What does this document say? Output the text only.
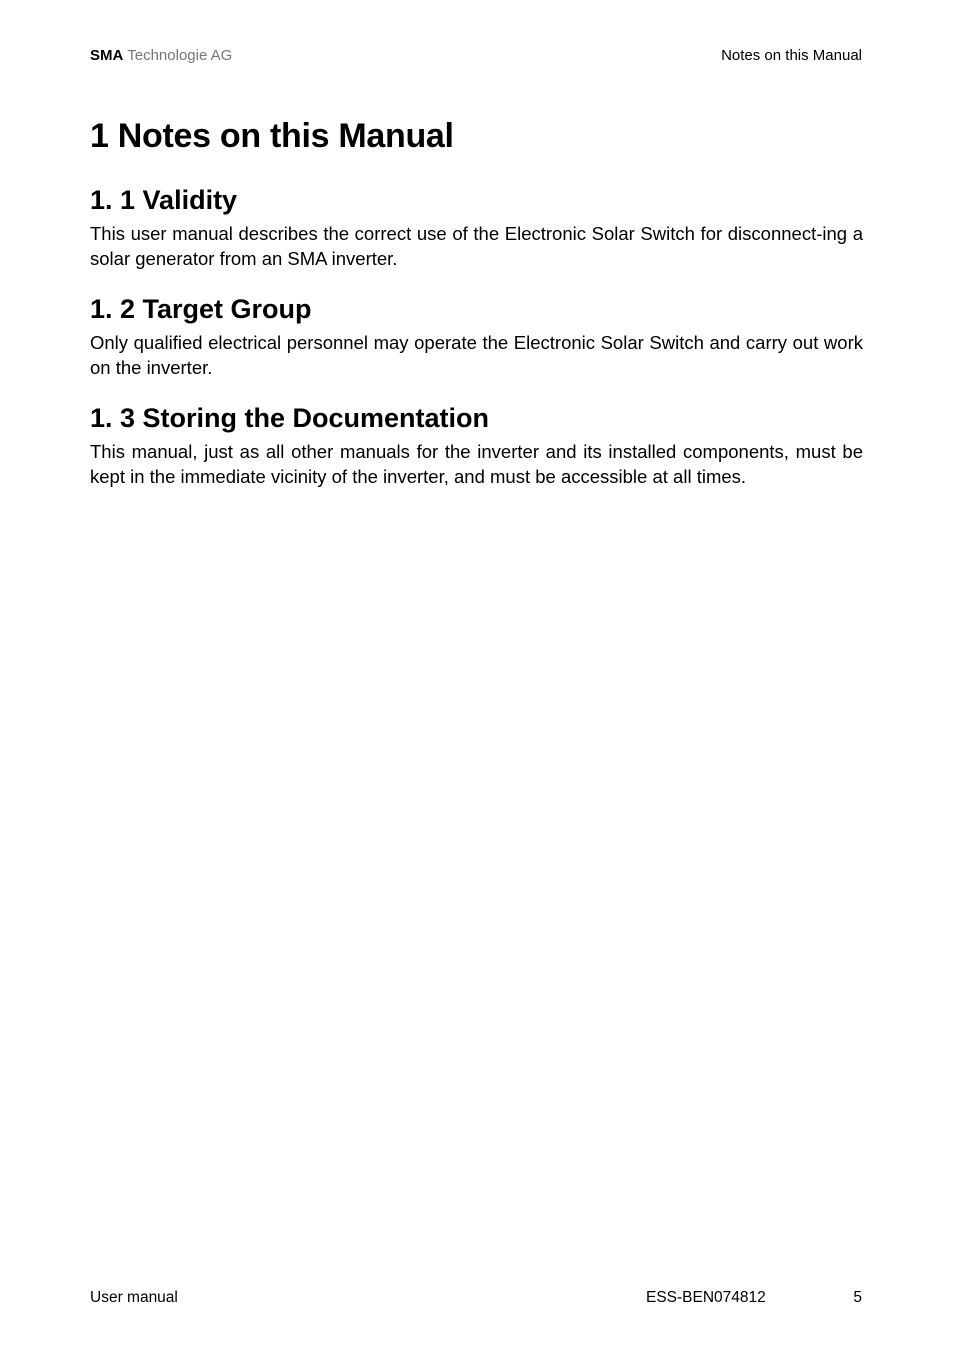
SMA Technologie AG	Notes on this Manual
1 Notes on this Manual
1. 1 Validity

This user manual describes the correct use of the Electronic Solar Switch for disconnect-ing a solar generator from an SMA inverter.

1. 2 Target Group

Only qualified electrical personnel may operate the Electronic Solar Switch and carry out work on the inverter.

1. 3 Storing the Documentation

This manual, just as all other manuals for the inverter and its installed components, must be kept in the immediate vicinity of the inverter, and must be accessible at all times.

User manual	ESS-BEN074812	5
